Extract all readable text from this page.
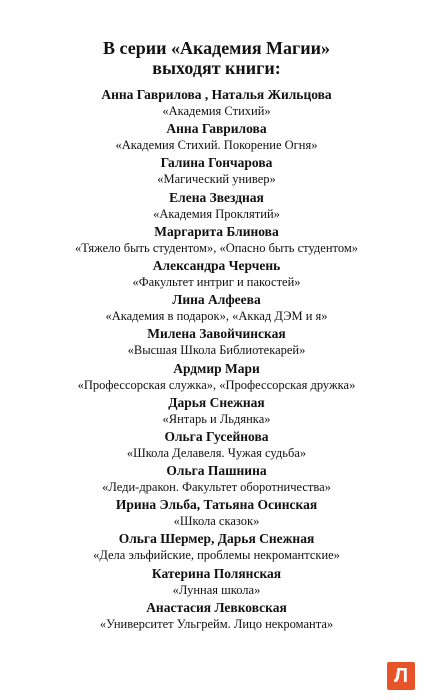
В серии «Академия Магии»
выходят книги:
Анна Гаврилова , Наталья Жильцова
«Академия Стихий»
Анна Гаврилова
«Академия Стихий. Покорение Огня»
Галина Гончарова
«Магический универ»
Елена Звездная
«Академия Проклятий»
Маргарита Блинова
«Тяжело быть студентом», «Опасно быть студентом»
Александра Черчень
«Факультет интриг и пакостей»
Лина Алфеева
«Академия в подарок», «Аккад ДЭМ и я»
Милена Завойчинская
«Высшая Школа Библиотекарей»
Ардмир Мари
«Профессорская служка», «Профессорская дружка»
Дарья Снежная
«Янтарь и Льдянка»
Ольга Гусейнова
«Школа Делавеля. Чужая судьба»
Ольга Пашнина
«Леди-дракон. Факультет оборотничества»
Ирина Эльба, Татьяна Осинская
«Школа сказок»
Ольга Шермер, Дарья Снежная
«Дела эльфийские, проблемы некромантские»
Катерина Полянская
«Лунная школа»
Анастасия Левковская
«Университет Ульгрейм. Лицо некроманта»
Л
